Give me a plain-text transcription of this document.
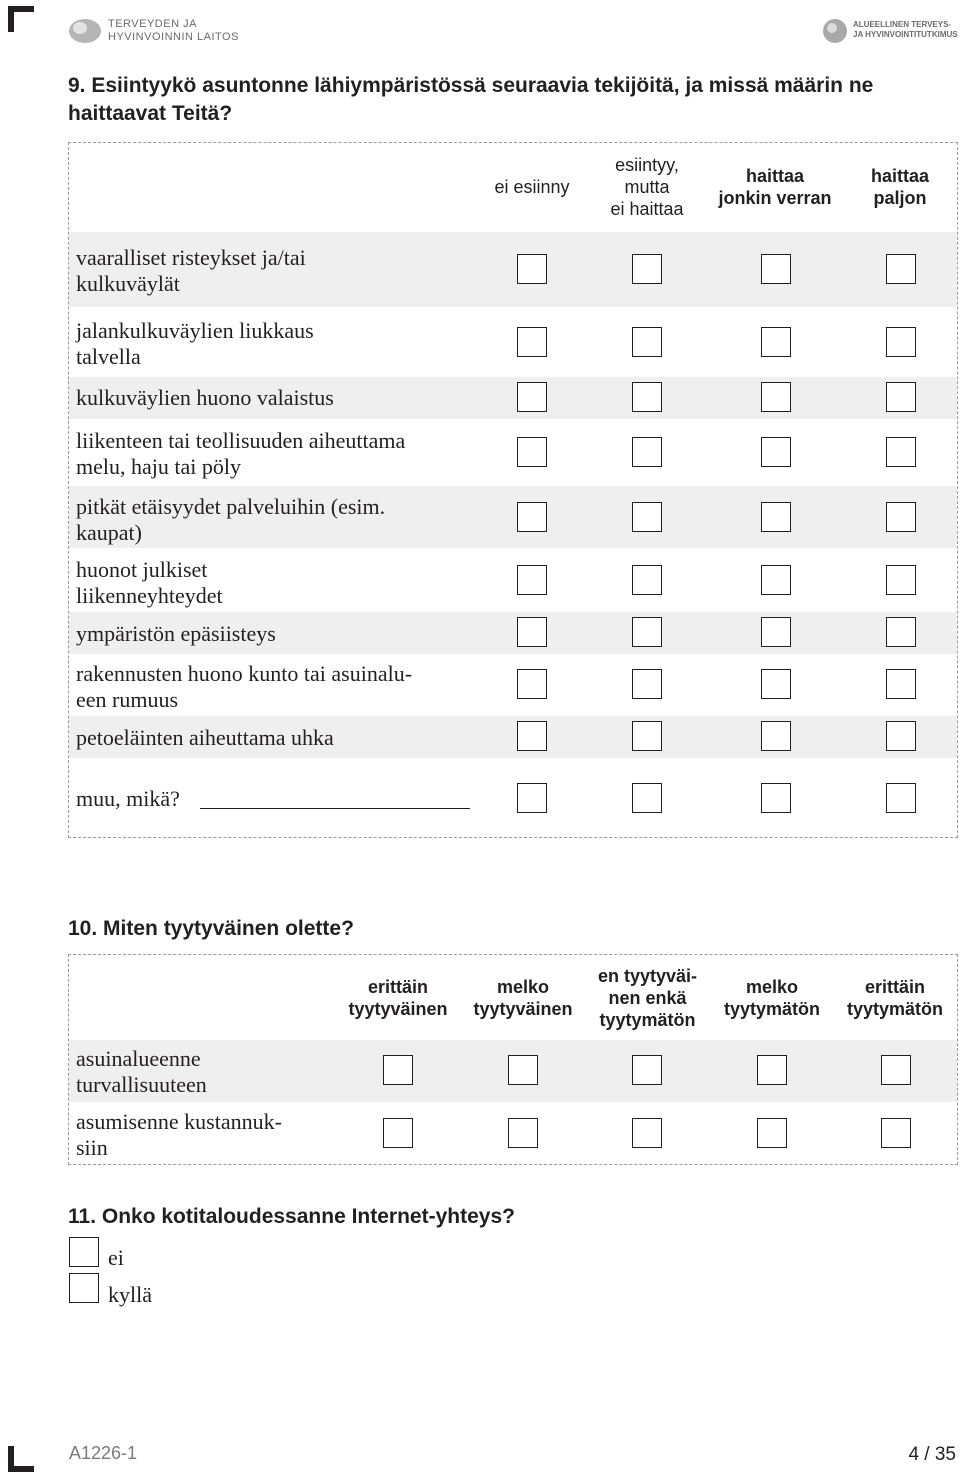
TERVEYDEN JA
HYVINVOINNIN LAITOS
ALUEELLINEN TERVEYS-
JA HYVINVOINTITUTKIMUS
9. Esiintyykö asuntonne lähiympäristössä seuraavia tekijöitä, ja missä määrin ne
haittaavat Teitä?
ei esiinny
esiintyy,
mutta
ei haittaa
haittaa
jonkin verran
haittaa
paljon
vaaralliset risteykset ja/tai
kulkuväylät
jalankulkuväylien liukkaus
talvella
kulkuväylien huono valaistus
liikenteen tai teollisuuden aiheuttama
melu, haju tai pöly
pitkät etäisyydet palveluihin (esim.
kaupat)
huonot julkiset
liikenneyhteydet
ympäristön epäsiisteys
rakennusten huono kunto tai asuinalu-
een rumuus
petoeläinten aiheuttama uhka
muu, mikä?
10. Miten tyytyväinen olette?
erittäin
tyytyväinen
melko
tyytyväinen
en tyytyväi-
nen enkä
tyytymätön
melko
tyytymätön
erittäin
tyytymätön
asuinalueenne
turvallisuuteen
asumisenne kustannuk-
siin
11. Onko kotitaloudessanne Internet-yhteys?
ei
kyllä
A1226-1	4 / 35
